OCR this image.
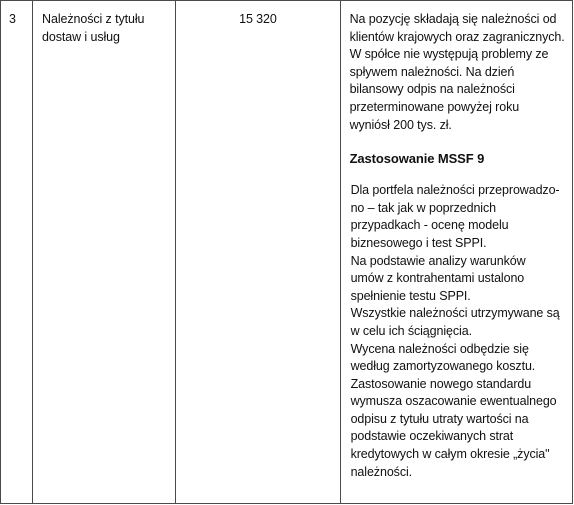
3	Należności z tytułu
dostaw i usług
	15 320	Na pozycję składają się należności od
klientów krajowych oraz zagranicznych.
W spółce nie występują problemy ze
spływem należności. Na dzień
bilansowy odpis na należności
przeterminowane powyżej roku
wyniósł 200 tys. zł.
Zastosowanie MSSF 9
Dla portfela należności przeprowadzo-
no – tak jak w poprzednich
przypadkach - ocenę modelu
biznesowego i test SPPI.
Na podstawie analizy warunków
umów z kontrahentami ustalono
spełnienie testu SPPI.
Wszystkie należności utrzymywane są
w celu ich ściągnięcia.
Wycena należności odbędzie się
według zamortyzowanego kosztu.
Zastosowanie nowego standardu
wymusza oszacowanie ewentualnego
odpisu z tytułu utraty wartości na
podstawie oczekiwanych strat
kredytowych w całym okresie „życia"
należności.
